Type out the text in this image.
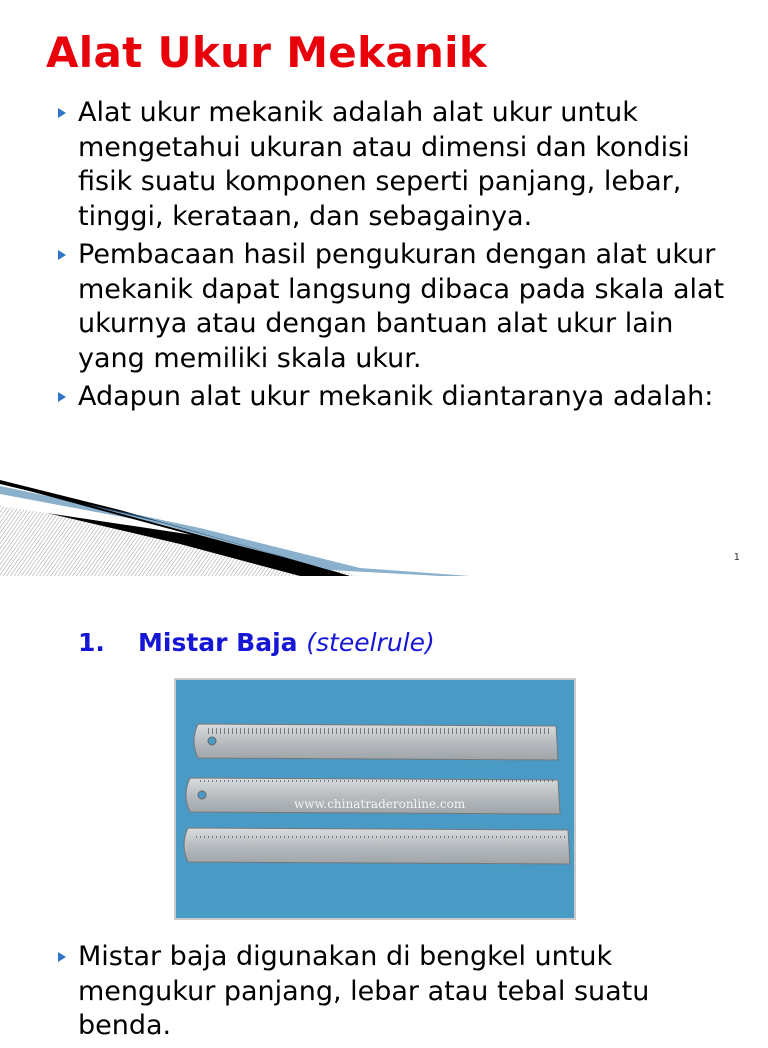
Alat Ukur Mekanik
Alat ukur mekanik adalah alat ukur untuk mengetahui ukuran atau dimensi dan kondisi fisik suatu komponen seperti panjang, lebar, tinggi, kerataan, dan sebagainya.
Pembacaan hasil pengukuran dengan alat ukur mekanik dapat langsung dibaca pada skala alat ukurnya atau dengan bantuan alat ukur lain yang memiliki skala ukur.
Adapun alat ukur mekanik diantaranya adalah:
1
1. Mistar Baja (steelrule)
www.chinatraderonline.com
Mistar baja digunakan di bengkel untuk mengukur panjang, lebar atau tebal suatu benda.
